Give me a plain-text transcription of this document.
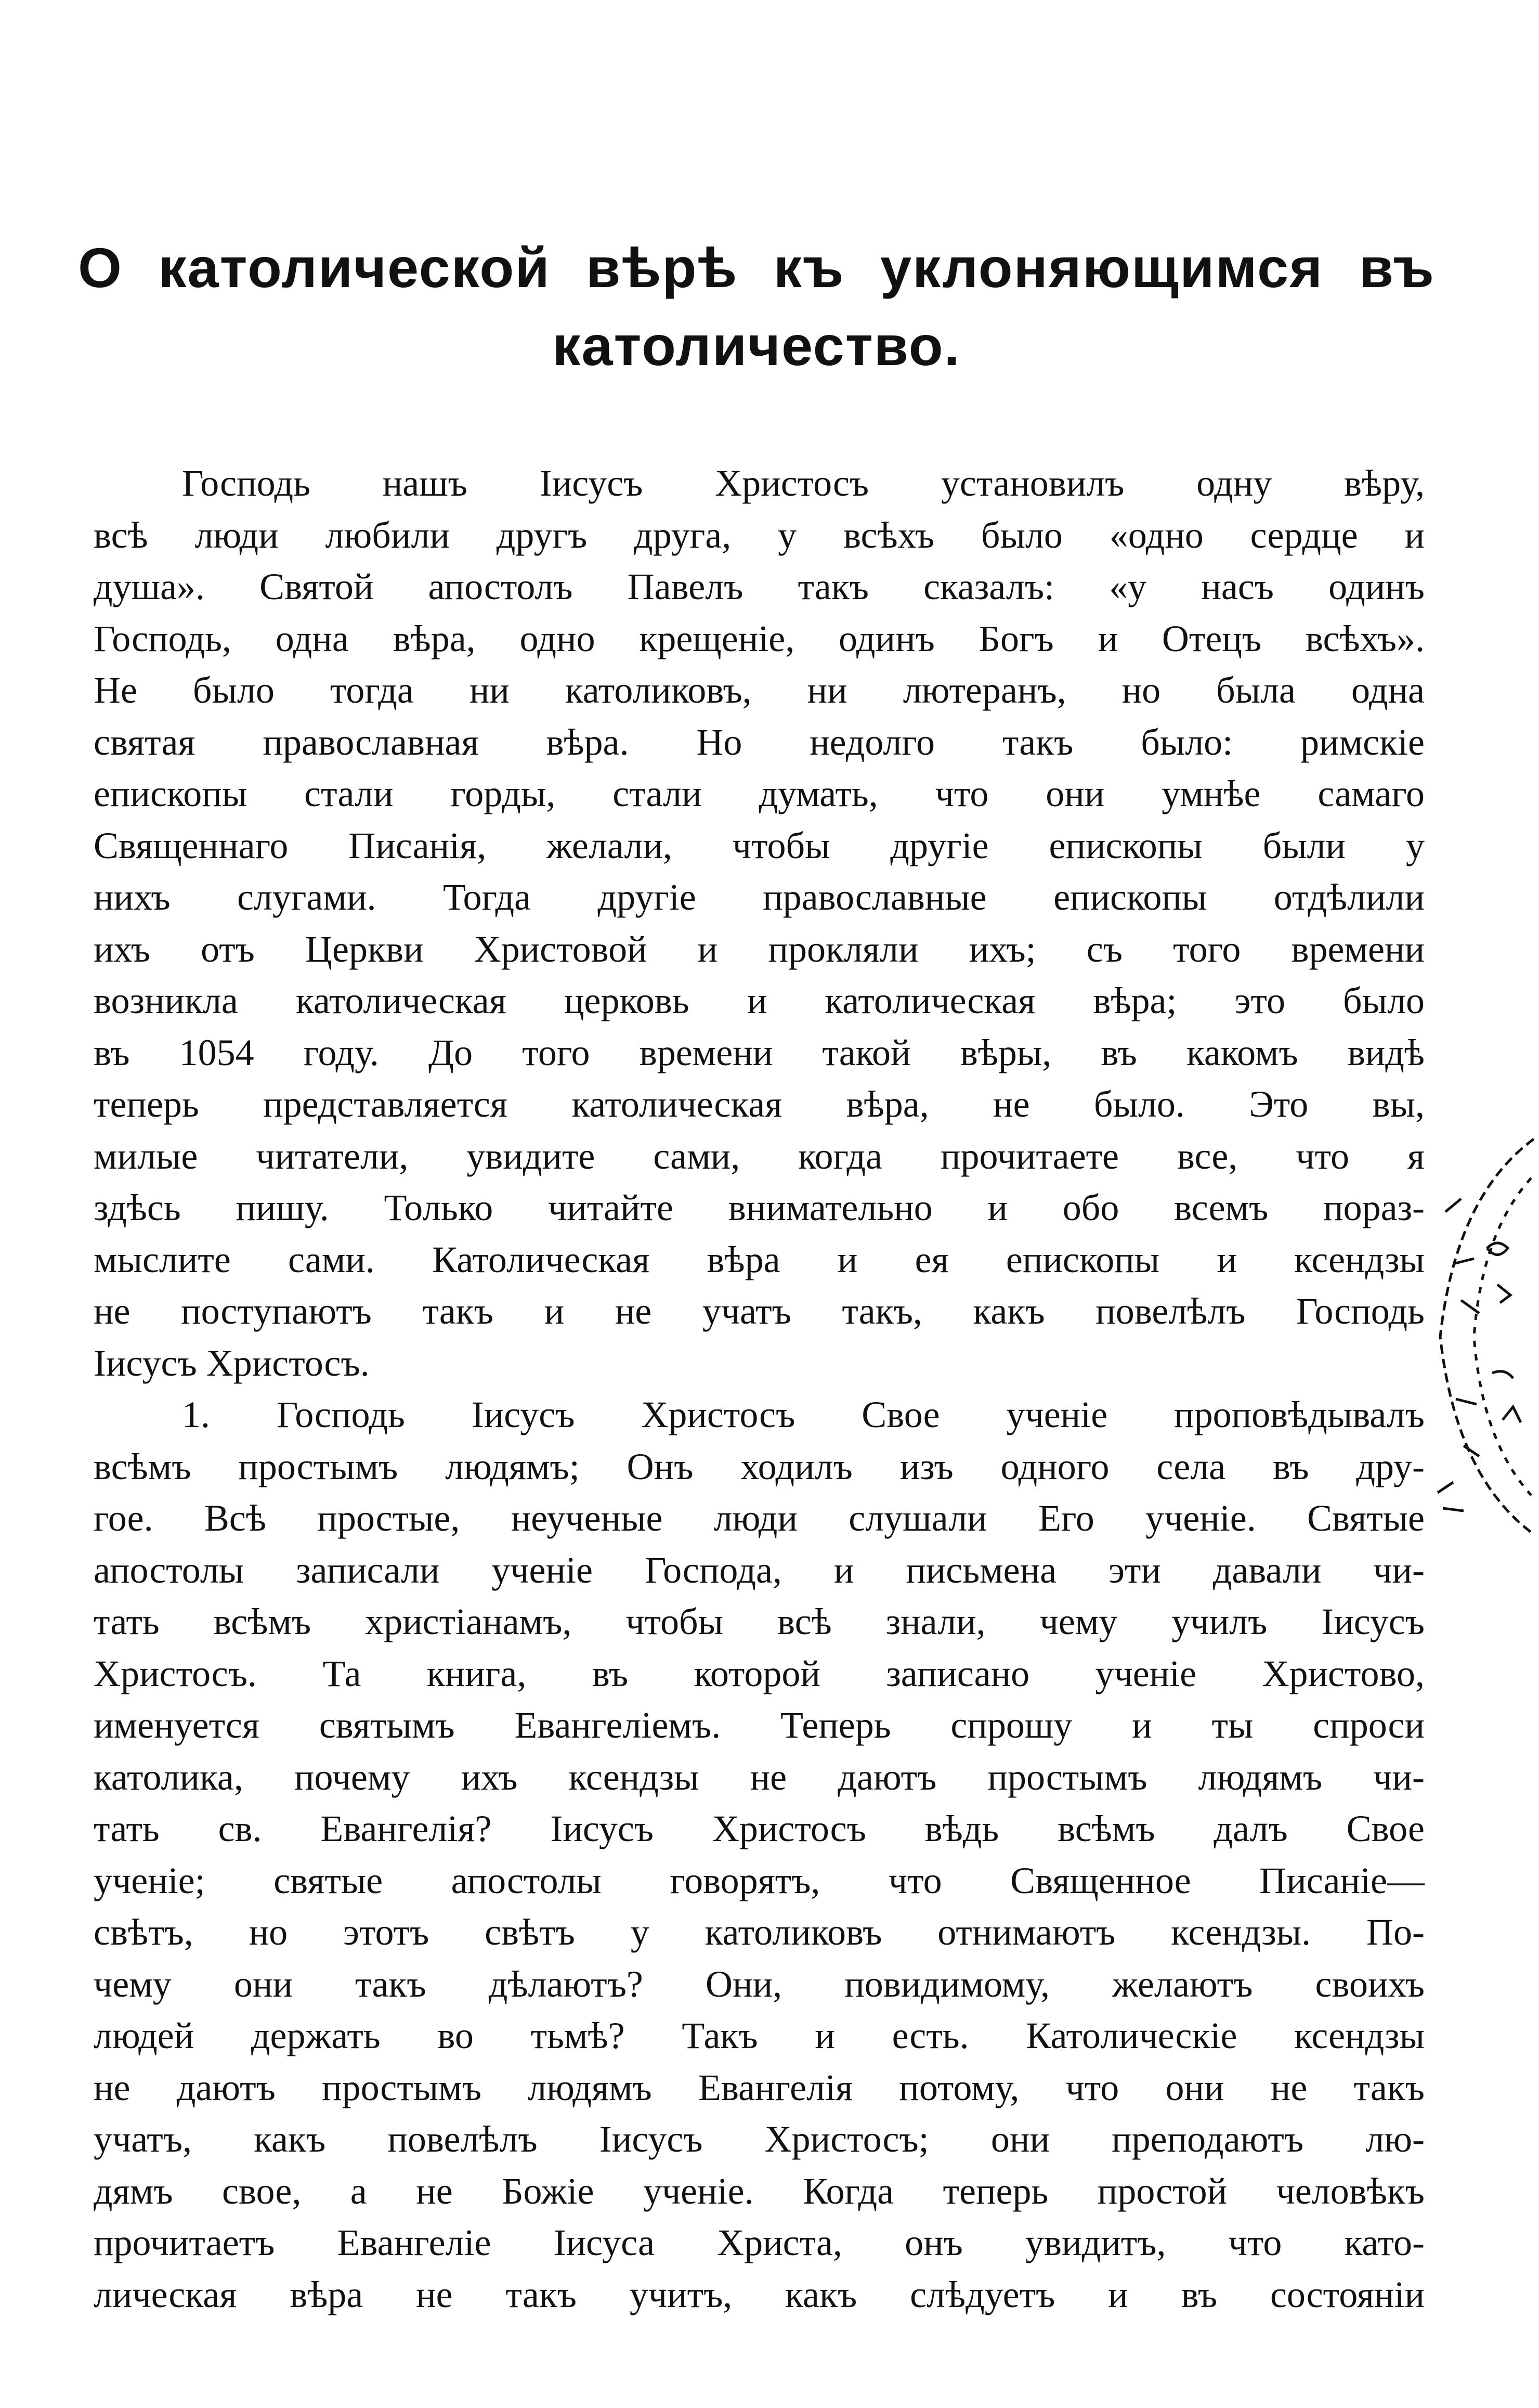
О католической вѣрѣ къ уклоняющимся въ
католичество.
Господь нашъ Іисусъ Христосъ установилъ одну вѣру,
всѣ люди любили другъ друга, у всѣхъ было «одно сердце и
душа». Святой апостолъ Павелъ такъ сказалъ: «у насъ одинъ
Господь, одна вѣра, одно крещеніе, одинъ Богъ и Отецъ всѣхъ».
Не было тогда ни католиковъ, ни лютеранъ, но была одна
святая православная вѣра. Но недолго такъ было: римскіе
епископы стали горды, стали думать, что они умнѣе самаго
Священнаго Писанія, желали, чтобы другіе епископы были у
нихъ слугами. Тогда другіе православные епископы отдѣлили
ихъ отъ Церкви Христовой и прокляли ихъ; съ того времени
возникла католическая церковь и католическая вѣра; это было
въ 1054 году. До того времени такой вѣры, въ какомъ видѣ
теперь представляется католическая вѣра, не было. Это вы,
милые читатели, увидите сами, когда прочитаете все, что я
здѣсь пишу. Только читайте внимательно и обо всемъ пораз-
мыслите сами. Католическая вѣра и ея епископы и ксендзы
не поступаютъ такъ и не учатъ такъ, какъ повелѣлъ Господь
Іисусъ Христосъ.
1. Господь Іисусъ Христосъ Свое ученіе проповѣдывалъ
всѣмъ простымъ людямъ; Онъ ходилъ изъ одного села въ дру-
гое. Всѣ простые, неученые люди слушали Его ученіе. Святые
апостолы записали ученіе Господа, и письмена эти давали чи-
тать всѣмъ христіанамъ, чтобы всѣ знали, чему училъ Іисусъ
Христосъ. Та книга, въ которой записано ученіе Христово,
именуется святымъ Евангеліемъ. Теперь спрошу и ты спроси
католика, почему ихъ ксендзы не даютъ простымъ людямъ чи-
тать св. Евангелія? Іисусъ Христосъ вѣдь всѣмъ далъ Свое
ученіе; святые апостолы говорятъ, что Священное Писаніе—
свѣтъ, но этотъ свѣтъ у католиковъ отнимаютъ ксендзы. По-
чему они такъ дѣлаютъ? Они, повидимому, желаютъ своихъ
людей держать во тьмѣ? Такъ и есть. Католическіе ксендзы
не даютъ простымъ людямъ Евангелія потому, что они не такъ
учатъ, какъ повелѣлъ Іисусъ Христосъ; они преподаютъ лю-
дямъ свое, а не Божіе ученіе. Когда теперь простой человѣкъ
прочитаетъ Евангеліе Іисуса Христа, онъ увидитъ, что като-
лическая вѣра не такъ учитъ, какъ слѣдуетъ и въ состояніи
